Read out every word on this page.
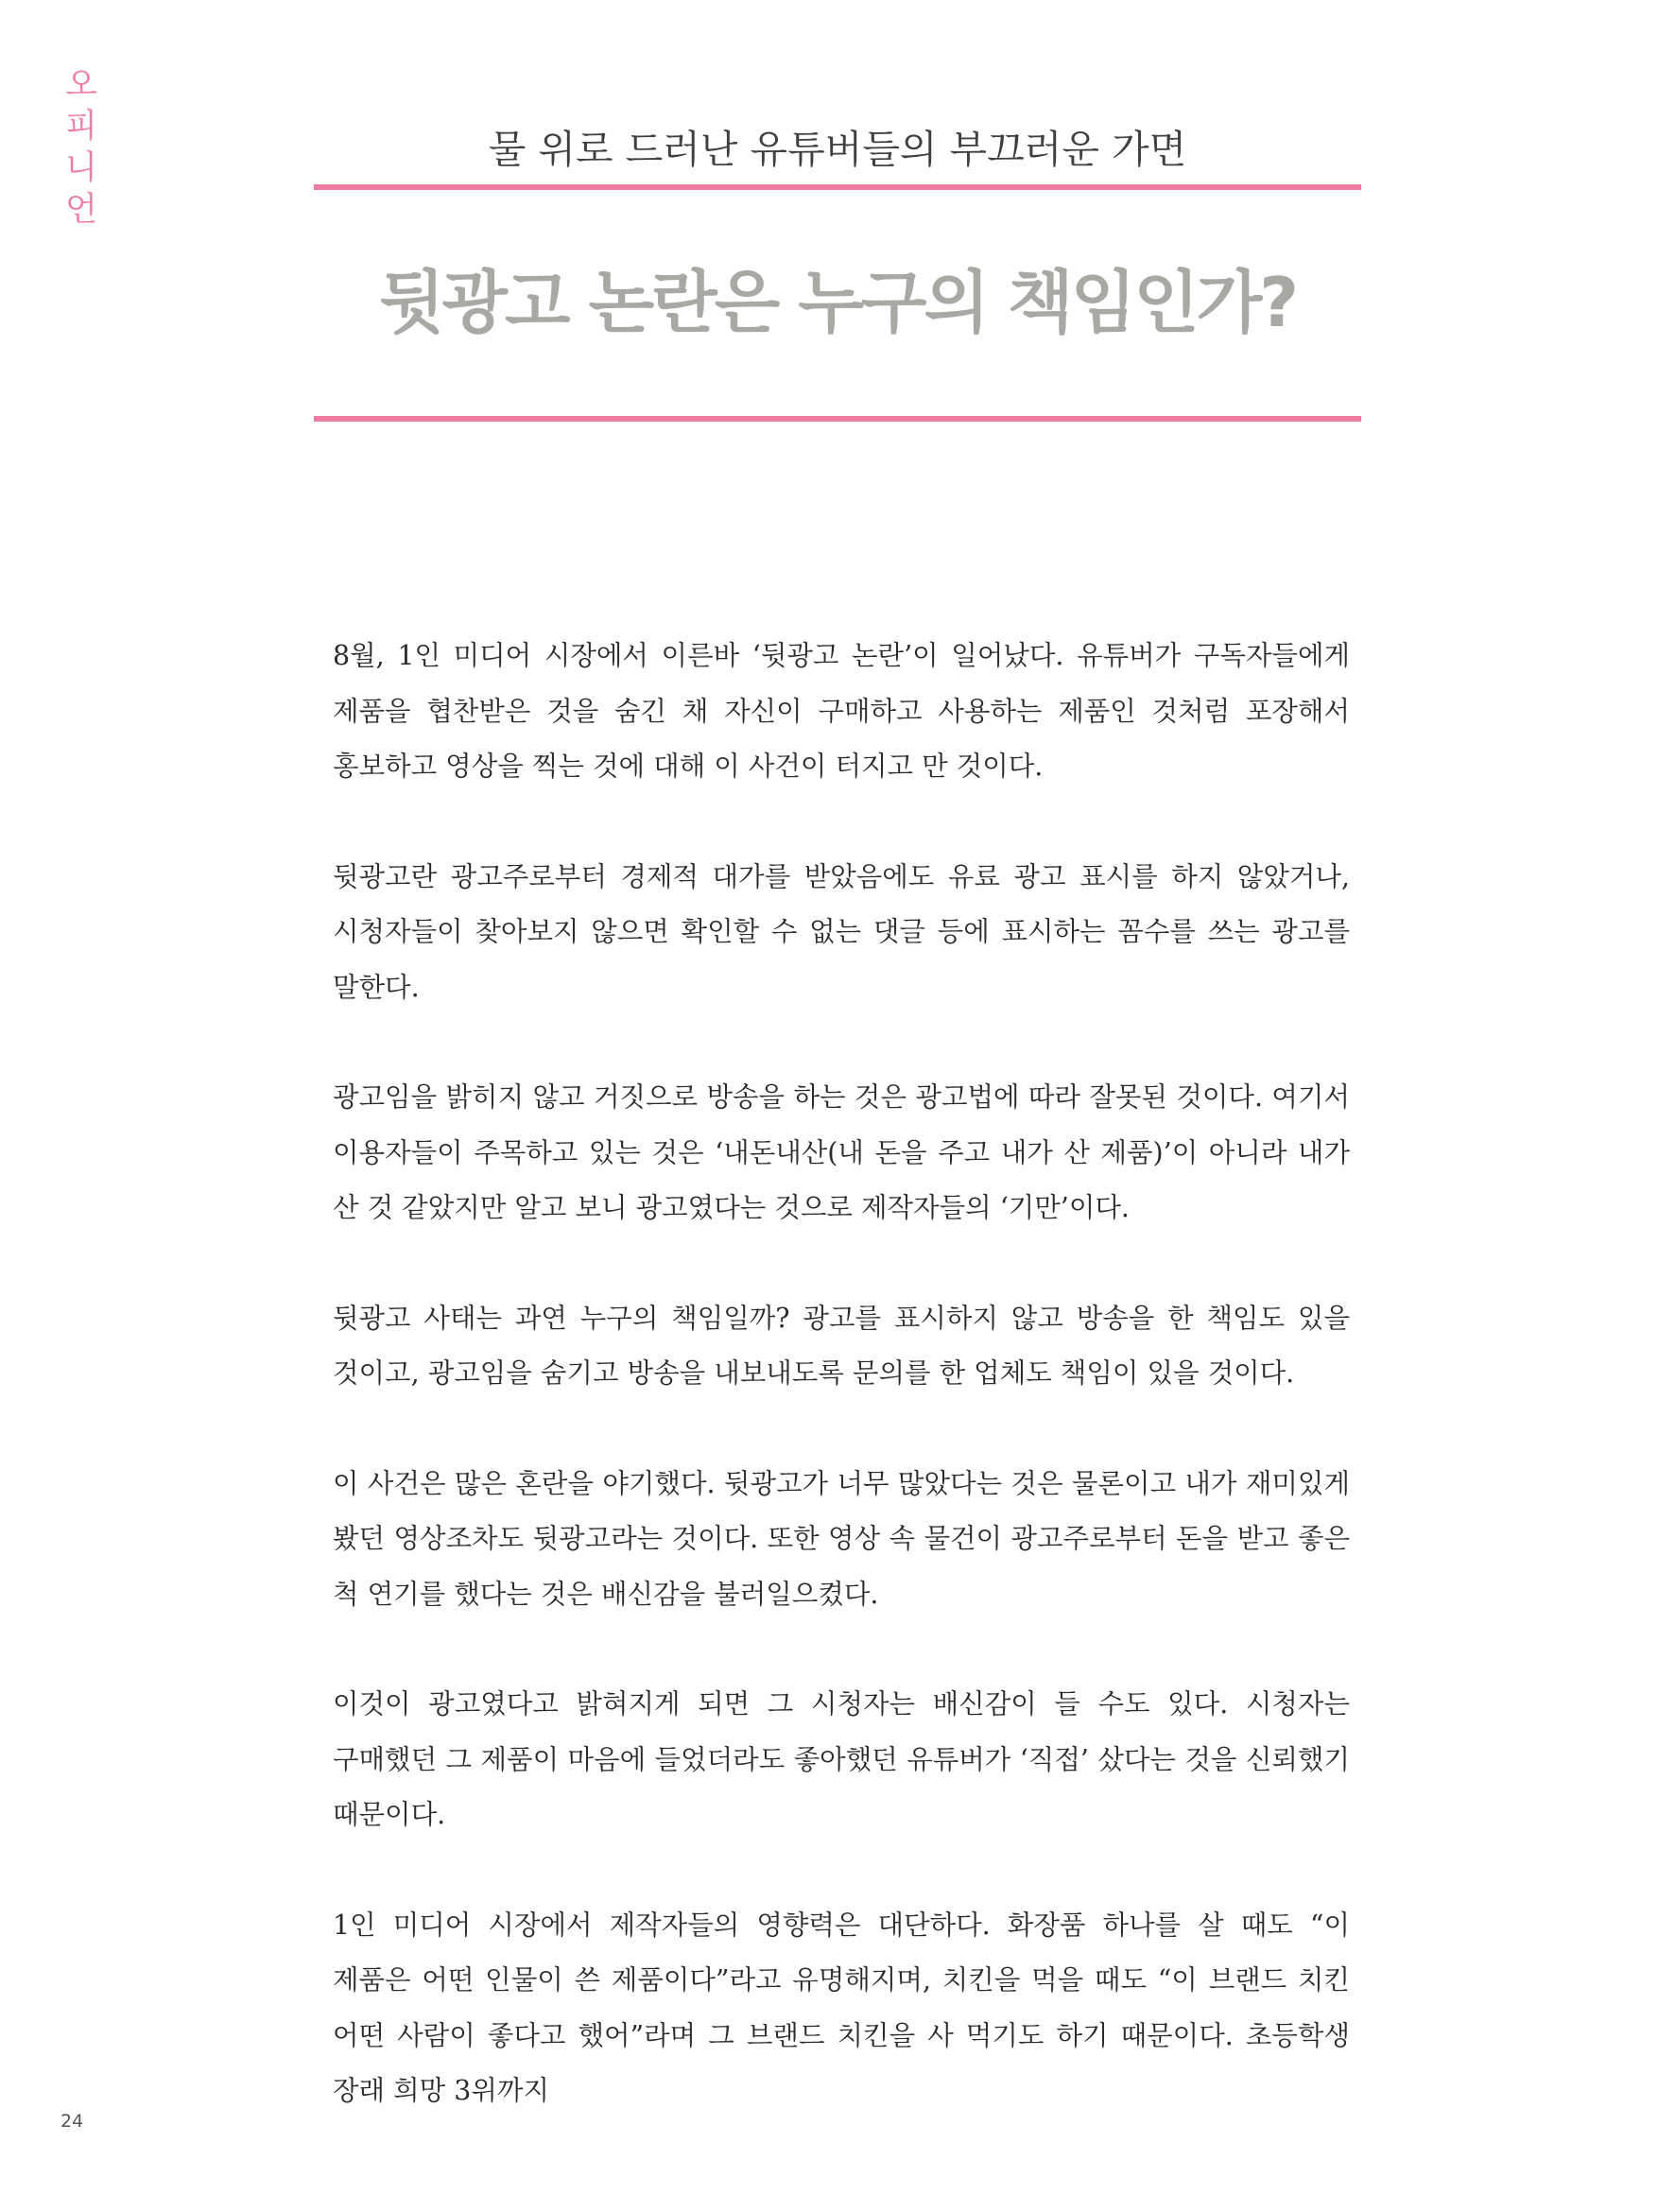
오
피
니
언
물 위로 드러난 유튜버들의 부끄러운 가면
뒷광고 논란은 누구의 책임인가?

8월, 1인 미디어 시장에서 이른바 ‘뒷광고 논란’이 일어났다. 유튜버가 구독자들에게 제품을 협찬받은 것을 숨긴 채 자신이 구매하고 사용하는 제품인 것처럼 포장해서 홍보하고 영상을 찍는 것에 대해 이 사건이 터지고 만 것이다.

뒷광고란 광고주로부터 경제적 대가를 받았음에도 유료 광고 표시를 하지 않았거나, 시청자들이 찾아보지 않으면 확인할 수 없는 댓글 등에 표시하는 꼼수를 쓰는 광고를 말한다.

광고임을 밝히지 않고 거짓으로 방송을 하는 것은 광고법에 따라 잘못된 것이다. 여기서 이용자들이 주목하고 있는 것은 ‘내돈내산(내 돈을 주고 내가 산 제품)’이 아니라 내가 산 것 같았지만 알고 보니 광고였다는 것으로 제작자들의 ‘기만’이다.

뒷광고 사태는 과연 누구의 책임일까? 광고를 표시하지 않고 방송을 한 책임도 있을 것이고, 광고임을 숨기고 방송을 내보내도록 문의를 한 업체도 책임이 있을 것이다.

이 사건은 많은 혼란을 야기했다. 뒷광고가 너무 많았다는 것은 물론이고 내가 재미있게 봤던 영상조차도 뒷광고라는 것이다. 또한 영상 속 물건이 광고주로부터 돈을 받고 좋은 척 연기를 했다는 것은 배신감을 불러일으켰다.

이것이 광고였다고 밝혀지게 되면 그 시청자는 배신감이 들 수도 있다. 시청자는 구매했던 그 제품이 마음에 들었더라도 좋아했던 유튜버가 ‘직접’ 샀다는 것을 신뢰했기 때문이다.

1인 미디어 시장에서 제작자들의 영향력은 대단하다. 화장품 하나를 살 때도 “이 제품은 어떤 인물이 쓴 제품이다”라고 유명해지며, 치킨을 먹을 때도 “이 브랜드 치킨 어떤 사람이 좋다고 했어”라며 그 브랜드 치킨을 사 먹기도 하기 때문이다. 초등학생 장래 희망 3위까지

24
